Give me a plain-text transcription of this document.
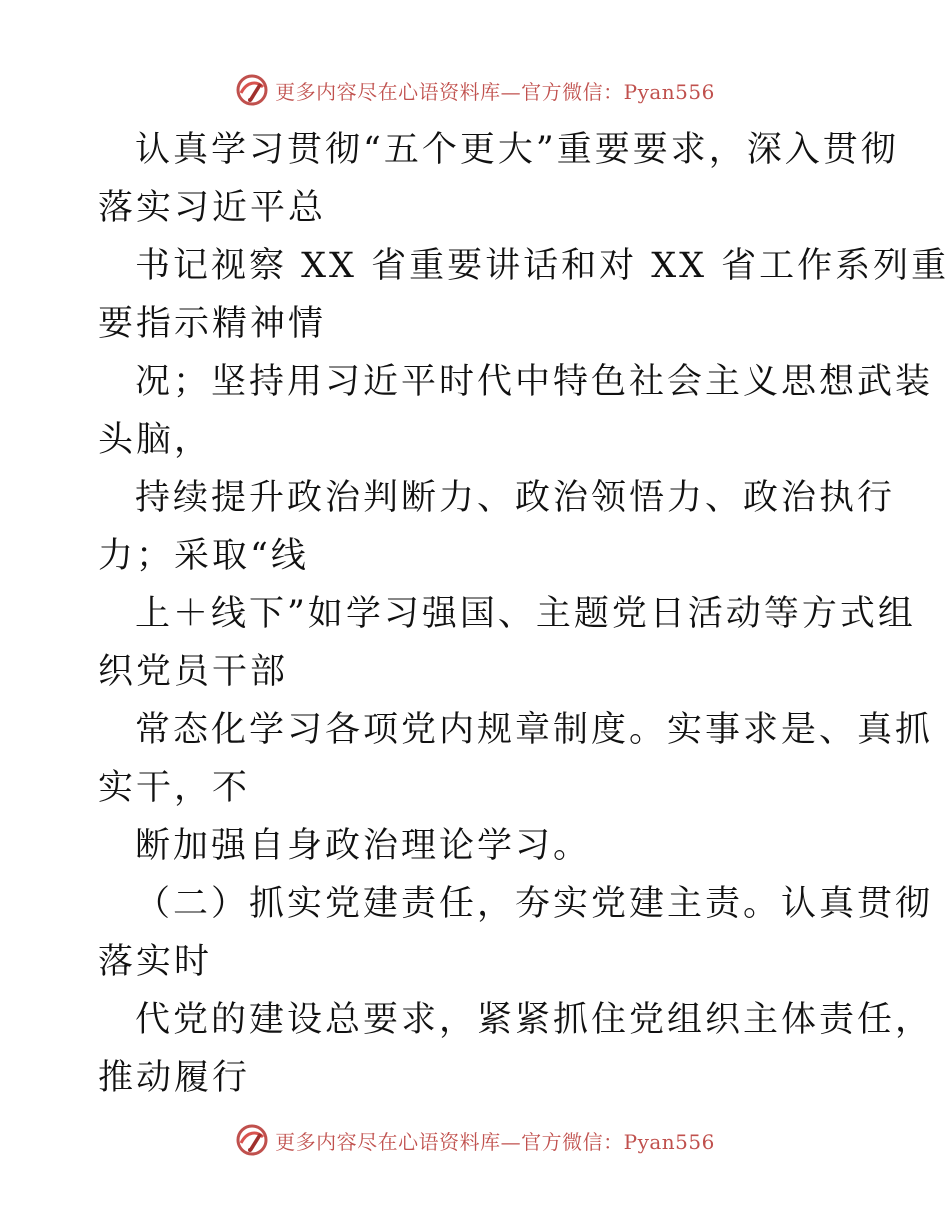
更多内容尽在心语资料库—官方微信：Pyan556
认真学习贯彻“五个更大”重要要求，深入贯彻
落实习近平总
书记视察 XX 省重要讲话和对 XX 省工作系列重
要指示精神情
况；坚持用习近平时代中特色社会主义思想武装
头脑，
持续提升政治判断力、政治领悟力、政治执行
力；采取“线
上＋线下”如学习强国、主题党日活动等方式组
织党员干部
常态化学习各项党内规章制度。实事求是、真抓
实干，不
断加强自身政治理论学习。
（二）抓实党建责任，夯实党建主责。认真贯彻
落实时
代党的建设总要求，紧紧抓住党组织主体责任，
推动履行
更多内容尽在心语资料库—官方微信：Pyan556
